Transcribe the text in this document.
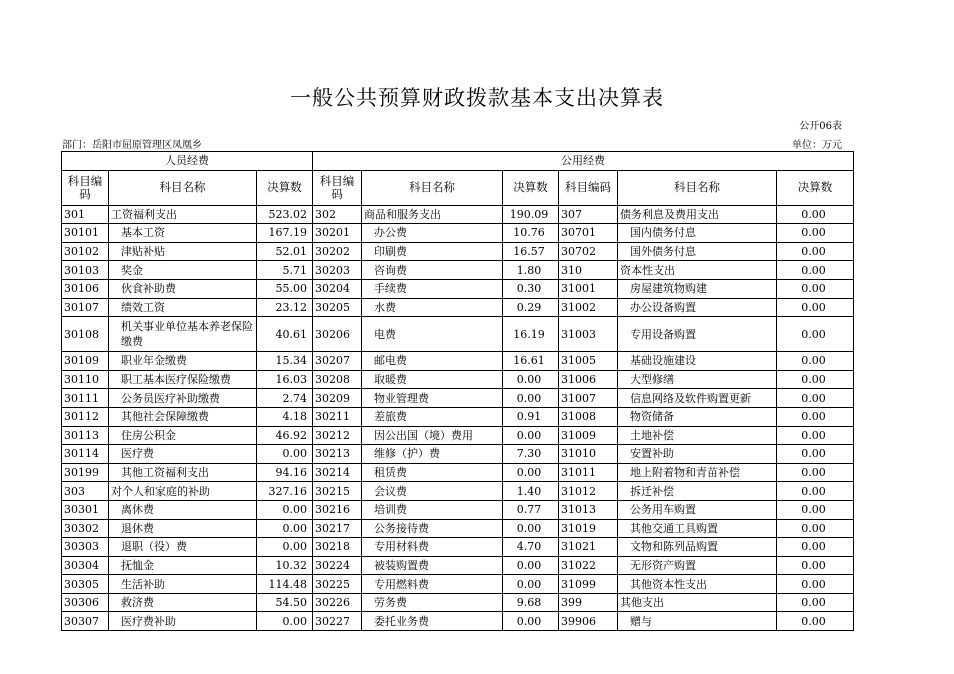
一般公共预算财政拨款基本支出决算表
公开06表
部门：岳阳市屈原管理区凤凰乡	单位：万元
人员经费			公用经费					
科目编码	科目名称	决算数	科目编码	科目名称	决算数	科目编码	科目名称	决算数
301	工资福利支出	523.02	302	商品和服务支出	190.09	307	债务利息及费用支出	0.00
30101	基本工资	167.19	30201	办公费	10.76	30701	国内债务付息	0.00
30102	津贴补贴	52.01	30202	印刷费	16.57	30702	国外债务付息	0.00
30103	奖金	5.71	30203	咨询费	1.80	310	资本性支出	0.00
30106	伙食补助费	55.00	30204	手续费	0.30	31001	房屋建筑物购建	0.00
30107	绩效工资	23.12	30205	水费	0.29	31002	办公设备购置	0.00
30108	机关事业单位基本养老保险缴费	40.61	30206	电费	16.19	31003	专用设备购置	0.00
30109	职业年金缴费	15.34	30207	邮电费	16.61	31005	基础设施建设	0.00
30110	职工基本医疗保险缴费	16.03	30208	取暖费	0.00	31006	大型修缮	0.00
30111	公务员医疗补助缴费	2.74	30209	物业管理费	0.00	31007	信息网络及软件购置更新	0.00
30112	其他社会保障缴费	4.18	30211	差旅费	0.91	31008	物资储备	0.00
30113	住房公积金	46.92	30212	因公出国（境）费用	0.00	31009	土地补偿	0.00
30114	医疗费	0.00	30213	维修（护）费	7.30	31010	安置补助	0.00
30199	其他工资福利支出	94.16	30214	租赁费	0.00	31011	地上附着物和青苗补偿	0.00
303	对个人和家庭的补助	327.16	30215	会议费	1.40	31012	拆迁补偿	0.00
30301	离休费	0.00	30216	培训费	0.77	31013	公务用车购置	0.00
30302	退休费	0.00	30217	公务接待费	0.00	31019	其他交通工具购置	0.00
30303	退职（役）费	0.00	30218	专用材料费	4.70	31021	文物和陈列品购置	0.00
30304	抚恤金	10.32	30224	被装购置费	0.00	31022	无形资产购置	0.00
30305	生活补助	114.48	30225	专用燃料费	0.00	31099	其他资本性支出	0.00
30306	救济费	54.50	30226	劳务费	9.68	399	其他支出	0.00
30307	医疗费补助	0.00	30227	委托业务费	0.00	39906	赠与	0.00
